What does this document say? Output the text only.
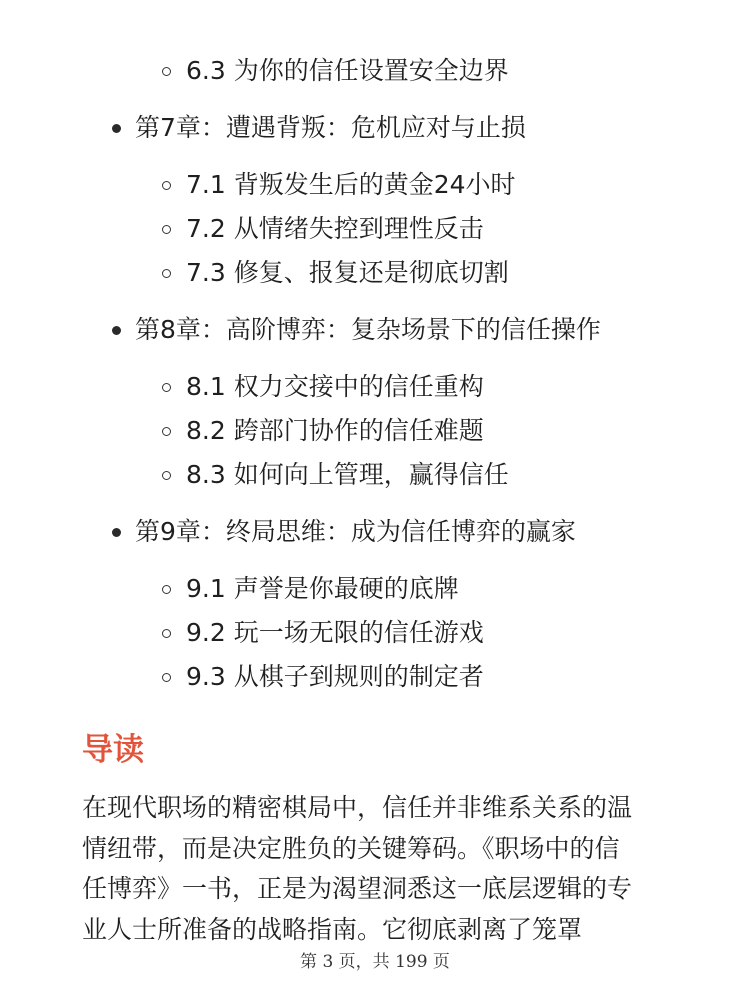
6.3 为你的信任设置安全边界
第7章：遭遇背叛：危机应对与止损
7.1 背叛发生后的黄金24小时
7.2 从情绪失控到理性反击
7.3 修复、报复还是彻底切割
第8章：高阶博弈：复杂场景下的信任操作
8.1 权力交接中的信任重构
8.2 跨部门协作的信任难题
8.3 如何向上管理，赢得信任
第9章：终局思维：成为信任博弈的赢家
9.1 声誉是你最硬的底牌
9.2 玩一场无限的信任游戏
9.3 从棋子到规则的制定者
导读
在现代职场的精密棋局中，信任并非维系关系的温
情纽带，而是决定胜负的关键筹码。《职场中的信
任博弈》一书，正是为渴望洞悉这一底层逻辑的专
业人士所准备的战略指南。它彻底剥离了笼罩
第 3 页，共 199 页
